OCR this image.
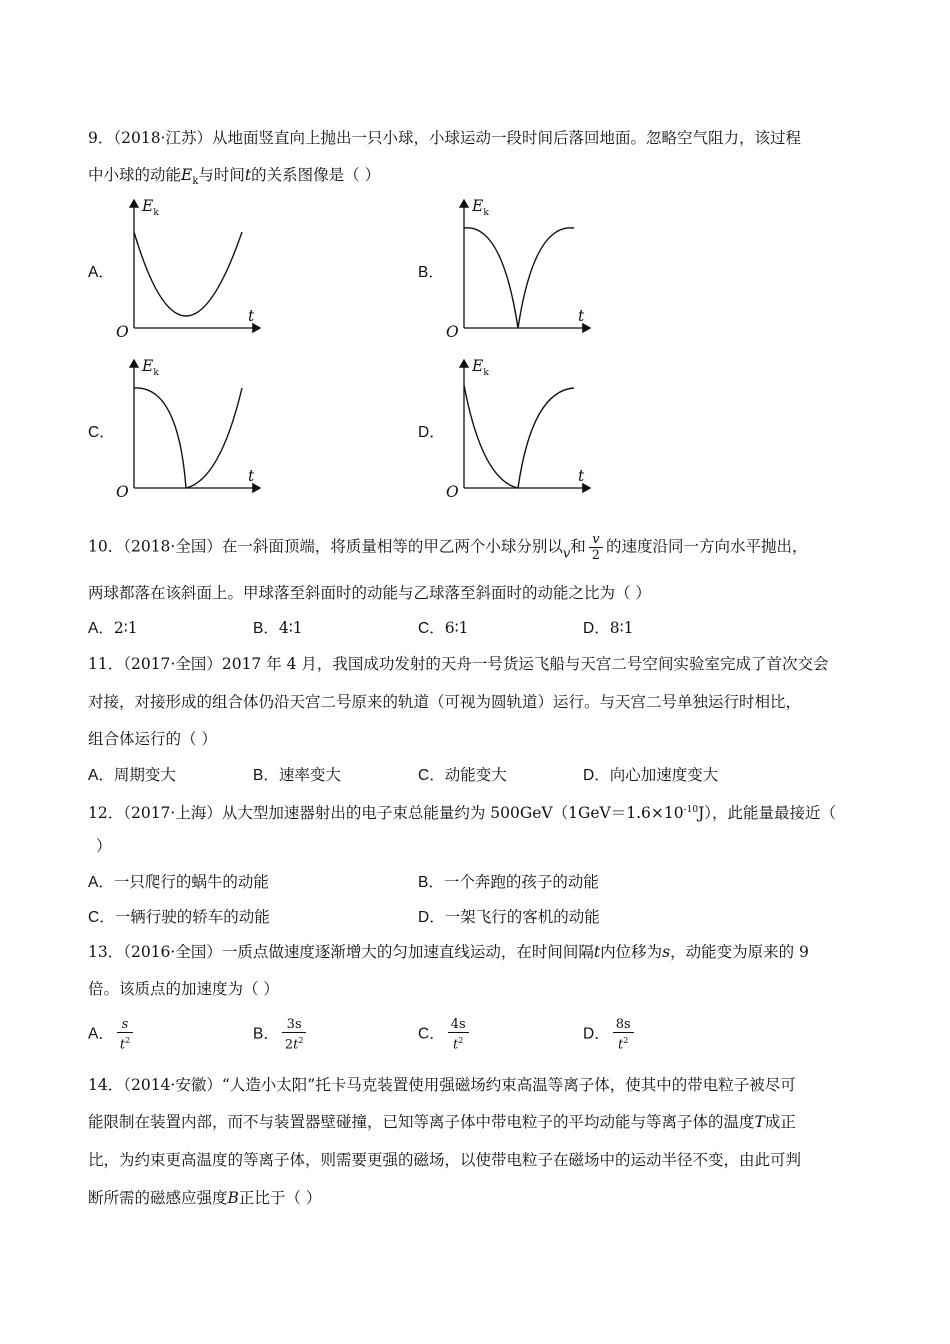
9．（2018·江苏）从地面竖直向上抛出一只小球，小球运动一段时间后落回地面。忽略空气阻力，该过程
中小球的动能$E_k$与时间t的关系图像是（ ）
A．	B．
C．	D．
$E_k$
t
O
$E_k$
t
O
$E_k$
t
O
$E_k$
t
O
10．（2018·全国）在一斜面顶端，将质量相等的甲乙两个小球分别以$_v$和 $\frac{v}{2}$ 的速度沿同一方向水平抛出，
两球都落在该斜面上。甲球落至斜面时的动能与乙球落至斜面时的动能之比为（ ）
A．2∶1	B．4∶1	C．6∶1	D．8∶1
11．（2017·全国）2017 年 4 月，我国成功发射的天舟一号货运飞船与天宫二号空间实验室完成了首次交会
对接，对接形成的组合体仍沿天宫二号原来的轨道（可视为圆轨道）运行。与天宫二号单独运行时相比，
组合体运行的（ ）
A．周期变大	B．速率变大	C．动能变大	D．向心加速度变大
12．（2017·上海）从大型加速器射出的电子束总能量约为 $500GeV(1GeV=1.6\times 10^{-10}J)$，此能量最接近（
）
A．一只爬行的蜗牛的动能	B．一个奔跑的孩子的动能
C．一辆行驶的轿车的动能	D．一架飞行的客机的动能
13．（2016·全国）一质点做速度逐渐增大的匀加速直线运动，在时间间隔t内位移为s，动能变为原来的 9
倍。该质点的加速度为（ ）
A． $\frac{s}{t^2}$	B． $\frac{3s}{2t^2}$	C． $\frac{4s}{t^2}$	D． $\frac{8s}{t^2}$
14．（2014·安徽）“人造小太阳”托卡马克装置使用强磁场约束高温等离子体，使其中的带电粒子被尽可
能限制在装置内部，而不与装置器壁碰撞，已知等离子体中带电粒子的平均动能与等离子体的温度T成正
比，为约束更高温度的等离子体，则需要更强的磁场，以使带电粒子在磁场中的运动半径不变，由此可判
断所需的磁感应强度B正比于（ ）
